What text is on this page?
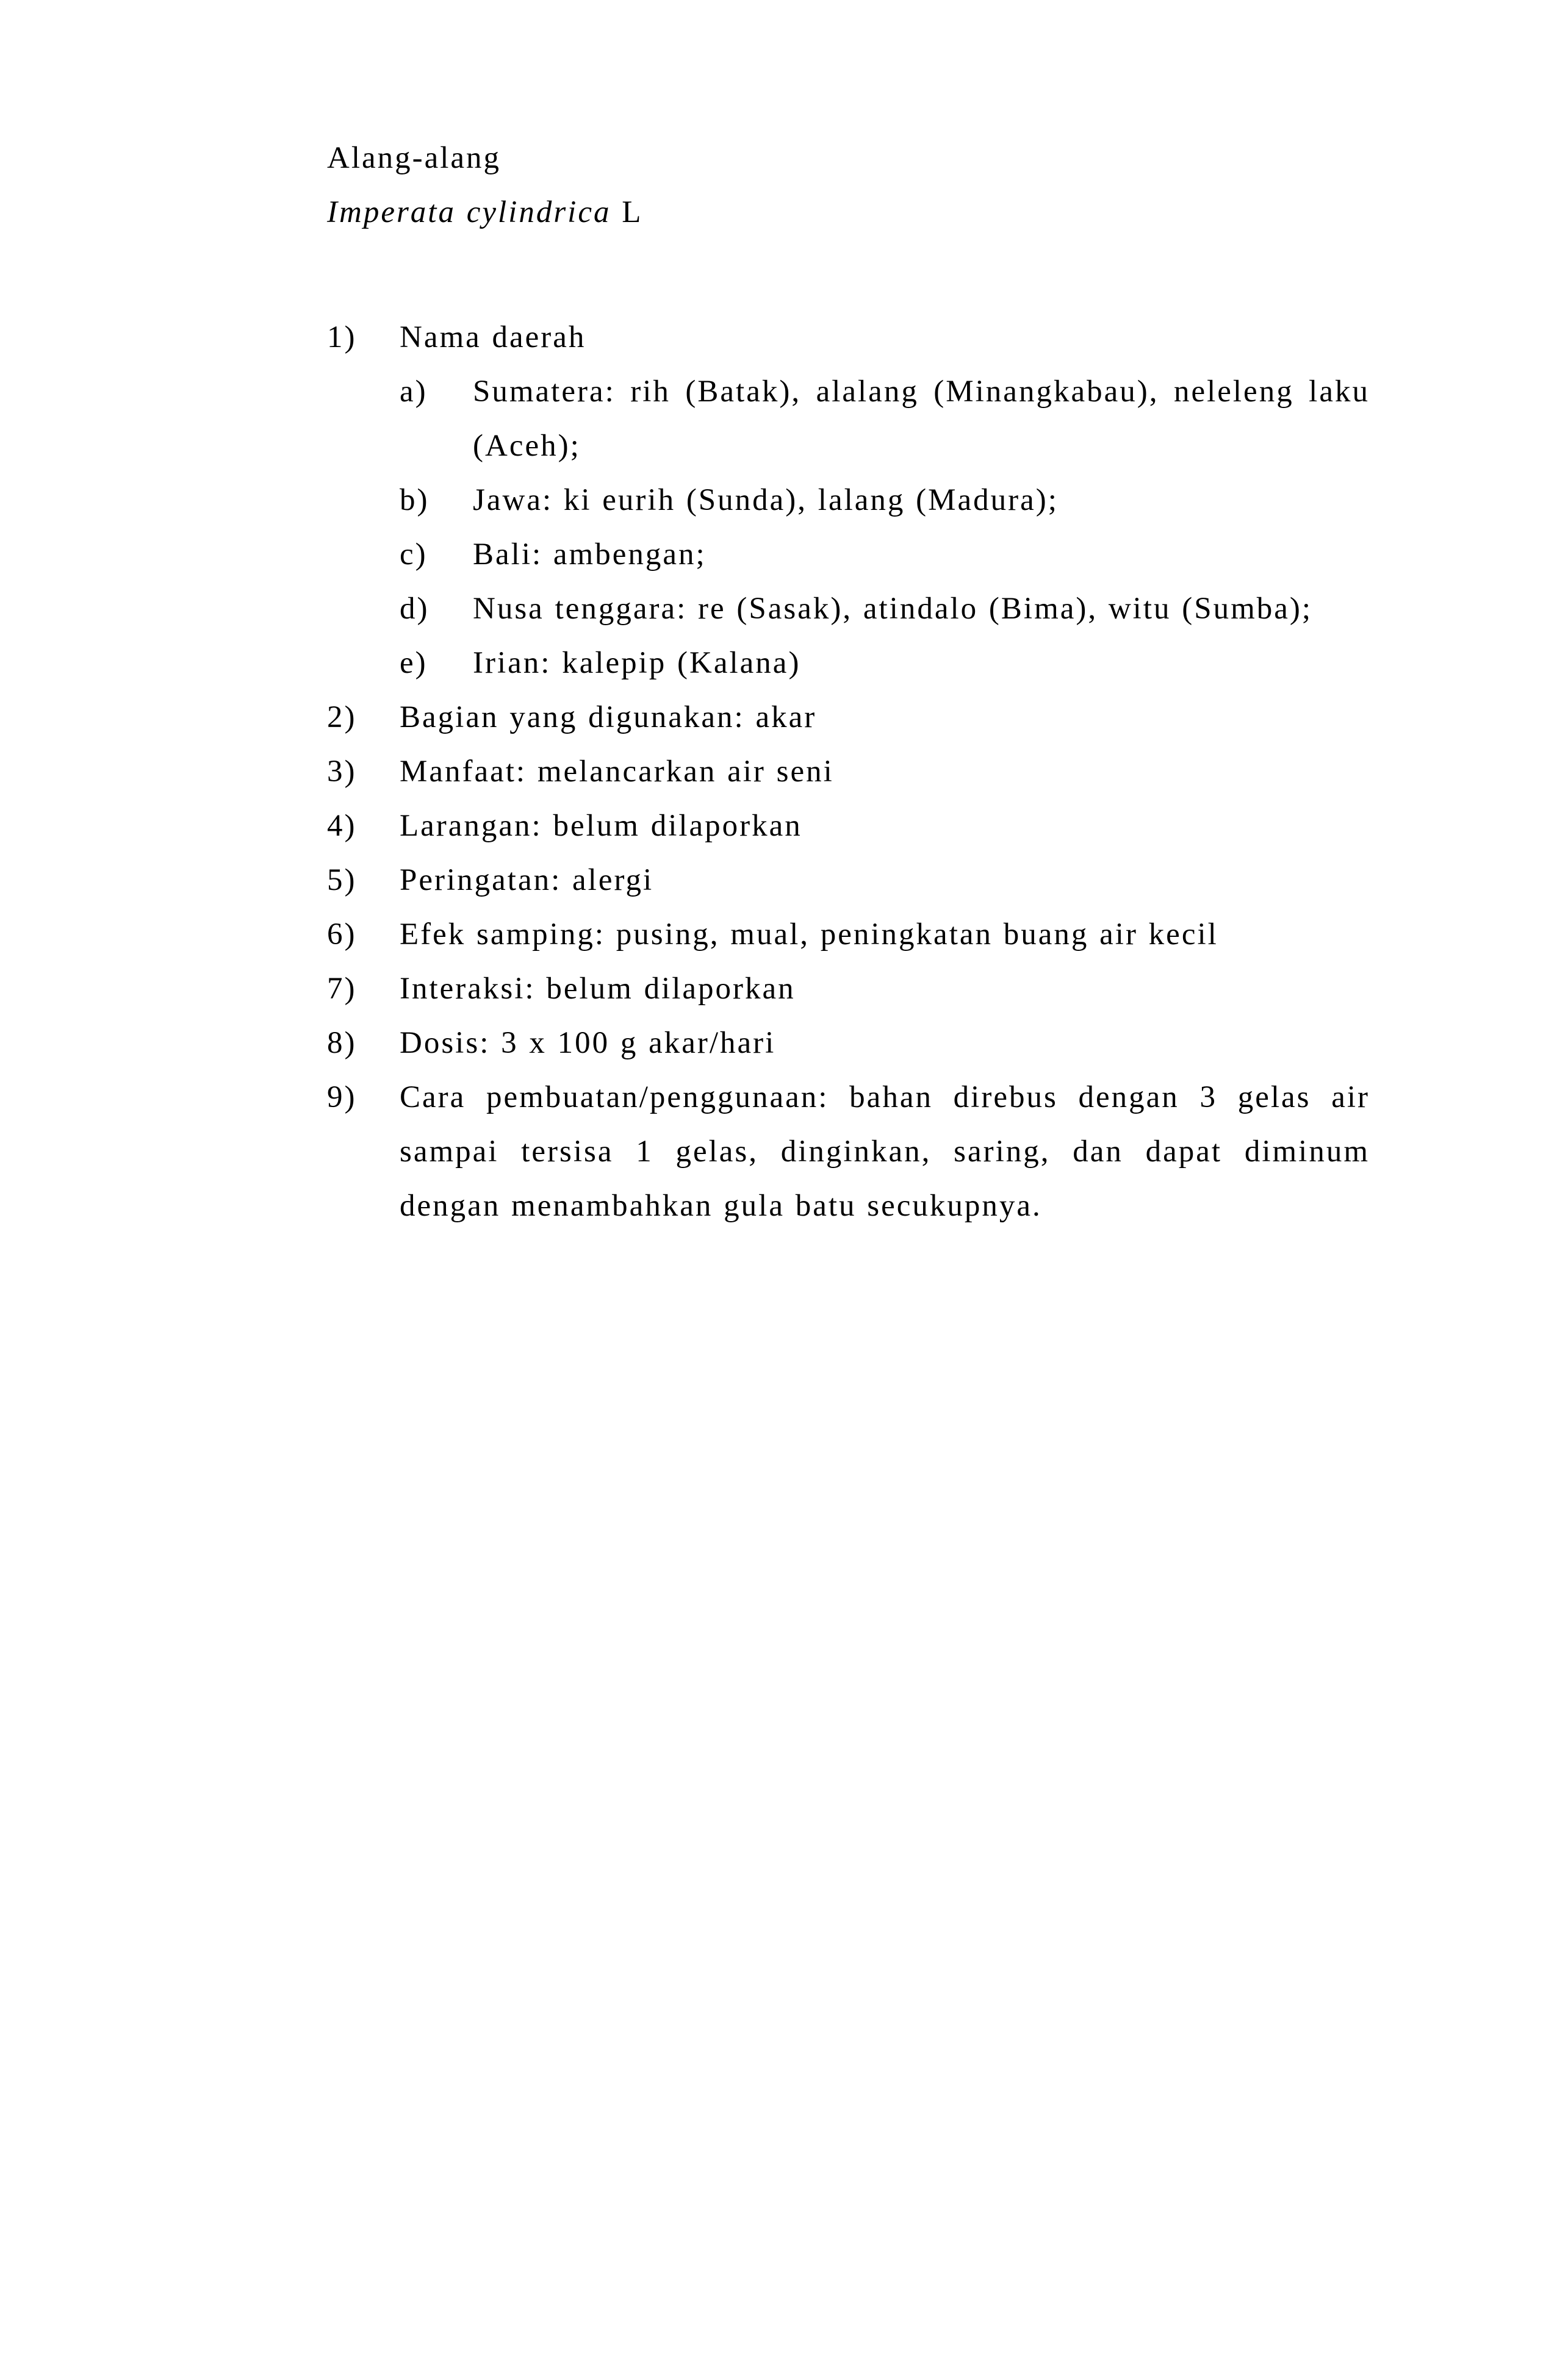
Alang-alang
Imperata cylindrica L
1)	Nama daerah
a)	Sumatera: rih (Batak), alalang (Minangkabau), neleleng laku
(Aceh);
b)	Jawa: ki eurih (Sunda), lalang (Madura);
c)	Bali: ambengan;
d)	Nusa tenggara: re (Sasak), atindalo (Bima), witu (Sumba);
e)	Irian: kalepip (Kalana)
2)	Bagian yang digunakan: akar
3)	Manfaat: melancarkan air seni
4)	Larangan: belum dilaporkan
5)	Peringatan: alergi
6)	Efek samping: pusing, mual, peningkatan buang air kecil
7)	Interaksi: belum dilaporkan
8)	Dosis: 3 x 100 g akar/hari
9)	Cara pembuatan/penggunaan: bahan direbus dengan 3 gelas air
sampai tersisa 1 gelas, dinginkan, saring, dan dapat diminum
dengan menambahkan gula batu secukupnya.
